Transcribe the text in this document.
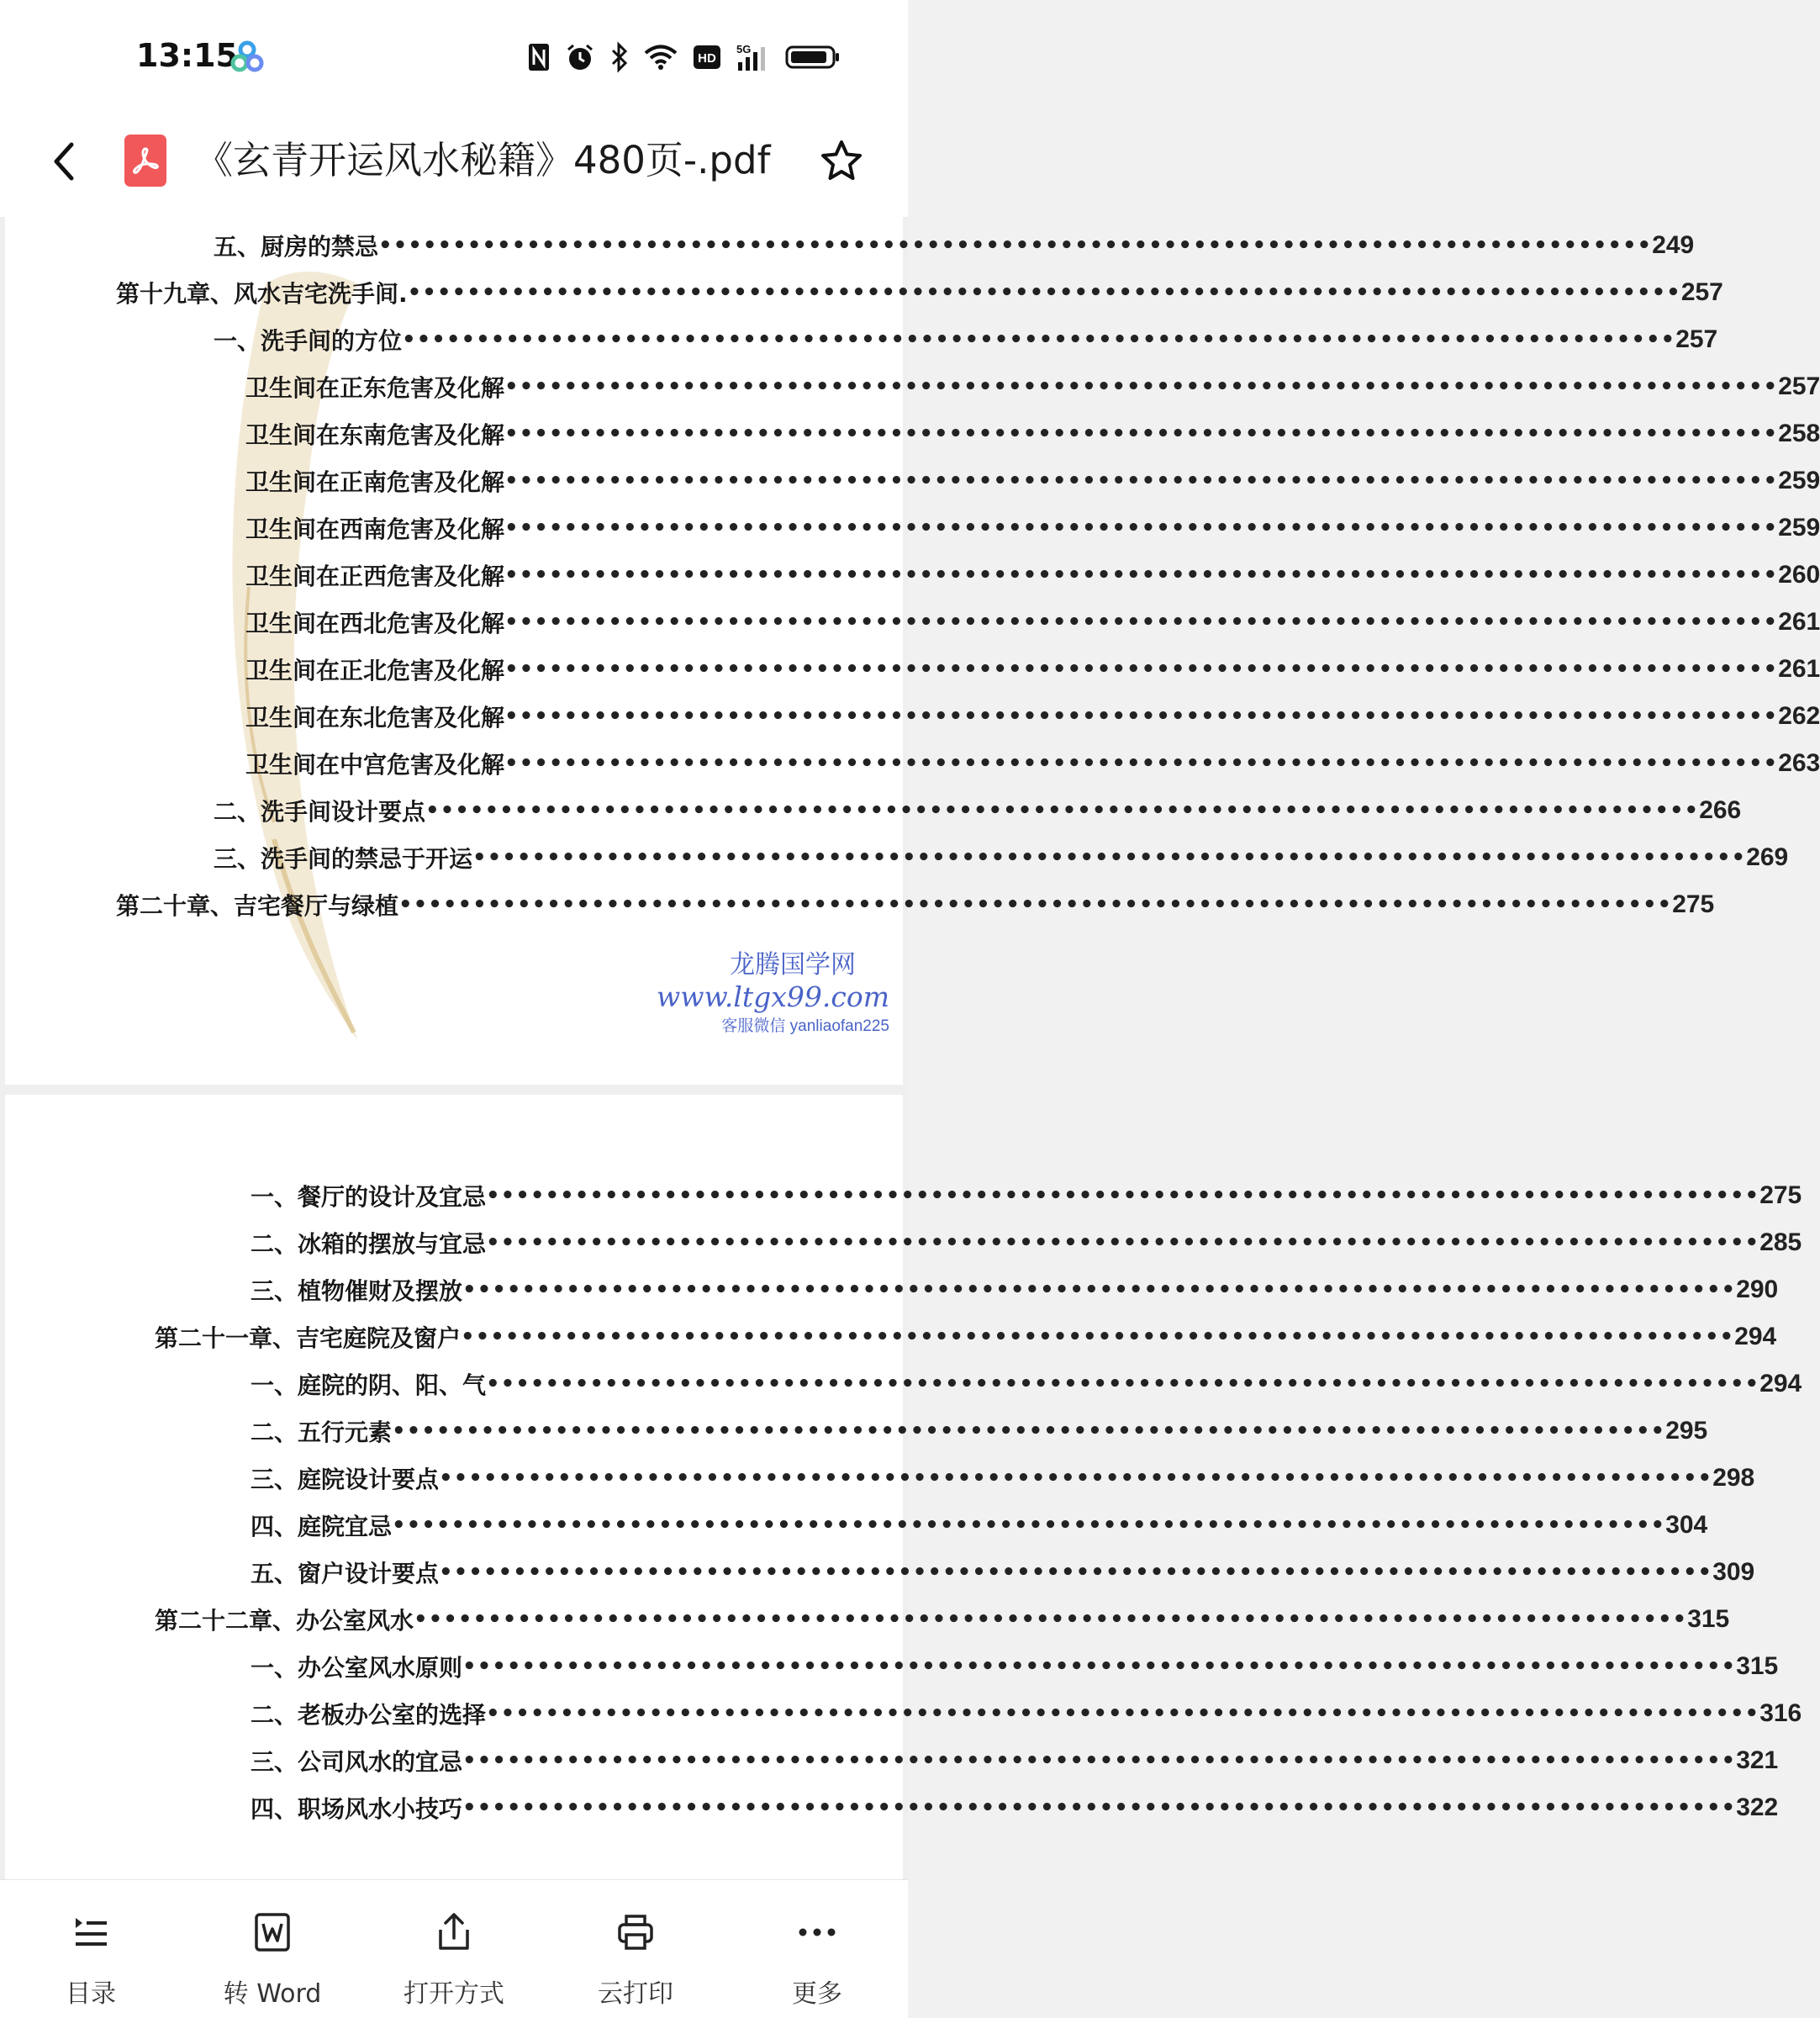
13:15	HD
5G
《玄青开运风水秘籍》480页-.pdf
五、厨房的禁忌 •••••••••••••••••••••••••••••••••••••••••••••••••••••••••••••••••••••••••••••••••••••• 249
第十九章、风水吉宅洗手间. •••••••••••••••••••••••••••••••••••••••••••••••••••••••••••••••••••••••••••••••••••••• 257
一、洗手间的方位 •••••••••••••••••••••••••••••••••••••••••••••••••••••••••••••••••••••••••••••••••••••• 257
卫生间在正东危害及化解 •••••••••••••••••••••••••••••••••••••••••••••••••••••••••••••••••••••••••••••••••••••• 257
卫生间在东南危害及化解 •••••••••••••••••••••••••••••••••••••••••••••••••••••••••••••••••••••••••••••••••••••• 258
卫生间在正南危害及化解 •••••••••••••••••••••••••••••••••••••••••••••••••••••••••••••••••••••••••••••••••••••• 259
卫生间在西南危害及化解 •••••••••••••••••••••••••••••••••••••••••••••••••••••••••••••••••••••••••••••••••••••• 259
卫生间在正西危害及化解 •••••••••••••••••••••••••••••••••••••••••••••••••••••••••••••••••••••••••••••••••••••• 260
卫生间在西北危害及化解 •••••••••••••••••••••••••••••••••••••••••••••••••••••••••••••••••••••••••••••••••••••• 261
卫生间在正北危害及化解 •••••••••••••••••••••••••••••••••••••••••••••••••••••••••••••••••••••••••••••••••••••• 261
卫生间在东北危害及化解 •••••••••••••••••••••••••••••••••••••••••••••••••••••••••••••••••••••••••••••••••••••• 262
卫生间在中宫危害及化解 •••••••••••••••••••••••••••••••••••••••••••••••••••••••••••••••••••••••••••••••••••••• 263
二、洗手间设计要点 •••••••••••••••••••••••••••••••••••••••••••••••••••••••••••••••••••••••••••••••••••••• 266
三、洗手间的禁忌于开运 •••••••••••••••••••••••••••••••••••••••••••••••••••••••••••••••••••••••••••••••••••••• 269
第二十章、吉宅餐厅与绿植 •••••••••••••••••••••••••••••••••••••••••••••••••••••••••••••••••••••••••••••••••••••• 275
龙腾国学网
www.ltgx99.com
客服微信 yanliaofan225
一、餐厅的设计及宜忌 •••••••••••••••••••••••••••••••••••••••••••••••••••••••••••••••••••••••••••••••••••••• 275
二、冰箱的摆放与宜忌 •••••••••••••••••••••••••••••••••••••••••••••••••••••••••••••••••••••••••••••••••••••• 285
三、植物催财及摆放 •••••••••••••••••••••••••••••••••••••••••••••••••••••••••••••••••••••••••••••••••••••• 290
第二十一章、吉宅庭院及窗户 •••••••••••••••••••••••••••••••••••••••••••••••••••••••••••••••••••••••••••••••••••••• 294
一、庭院的阴、阳、气 •••••••••••••••••••••••••••••••••••••••••••••••••••••••••••••••••••••••••••••••••••••• 294
二、五行元素 •••••••••••••••••••••••••••••••••••••••••••••••••••••••••••••••••••••••••••••••••••••• 295
三、庭院设计要点 •••••••••••••••••••••••••••••••••••••••••••••••••••••••••••••••••••••••••••••••••••••• 298
四、庭院宜忌 •••••••••••••••••••••••••••••••••••••••••••••••••••••••••••••••••••••••••••••••••••••• 304
五、窗户设计要点 •••••••••••••••••••••••••••••••••••••••••••••••••••••••••••••••••••••••••••••••••••••• 309
第二十二章、办公室风水 •••••••••••••••••••••••••••••••••••••••••••••••••••••••••••••••••••••••••••••••••••••• 315
一、办公室风水原则 •••••••••••••••••••••••••••••••••••••••••••••••••••••••••••••••••••••••••••••••••••••• 315
二、老板办公室的选择 •••••••••••••••••••••••••••••••••••••••••••••••••••••••••••••••••••••••••••••••••••••• 316
三、公司风水的宜忌 •••••••••••••••••••••••••••••••••••••••••••••••••••••••••••••••••••••••••••••••••••••• 321
四、职场风水小技巧 •••••••••••••••••••••••••••••••••••••••••••••••••••••••••••••••••••••••••••••••••••••• 322
目录	转 Word	打开方式	云打印	更多
